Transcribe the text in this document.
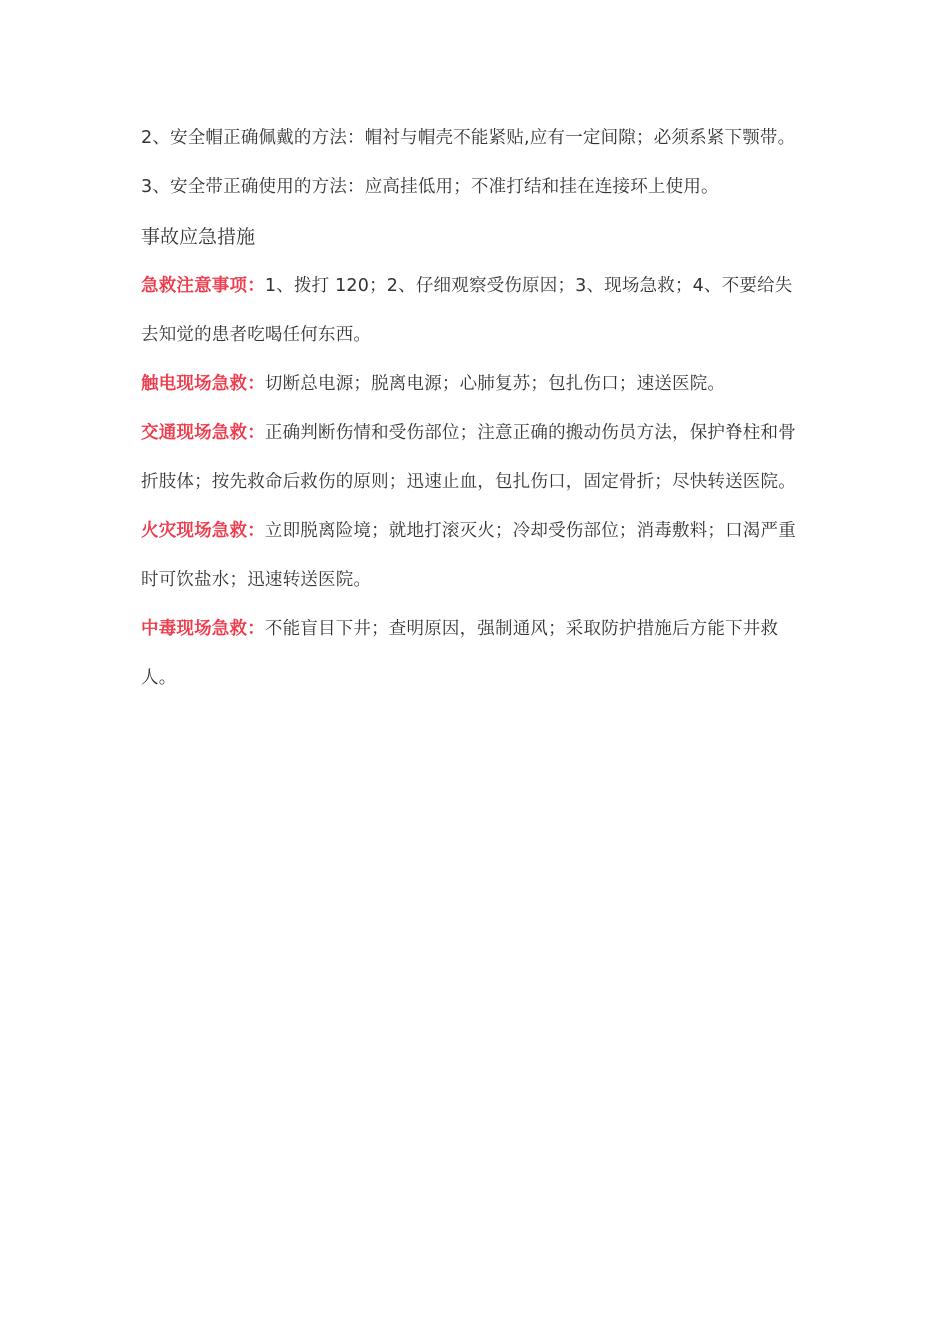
2、安全帽正确佩戴的方法：帽衬与帽壳不能紧贴,应有一定间隙；必须系紧下颚带。

3、安全带正确使用的方法：应高挂低用；不准打结和挂在连接环上使用。

事故应急措施

急救注意事项：1、拨打 120；2、仔细观察受伤原因；3、现场急救；4、不要给失去知觉的患者吃喝任何东西。

触电现场急救：切断总电源；脱离电源；心肺复苏；包扎伤口；速送医院。

交通现场急救：正确判断伤情和受伤部位；注意正确的搬动伤员方法，保护脊柱和骨折肢体；按先救命后救伤的原则；迅速止血，包扎伤口，固定骨折；尽快转送医院。

火灾现场急救：立即脱离险境；就地打滚灭火；冷却受伤部位；消毒敷料；口渴严重时可饮盐水；迅速转送医院。

中毒现场急救：不能盲目下井；查明原因，强制通风；采取防护措施后方能下井救人。
